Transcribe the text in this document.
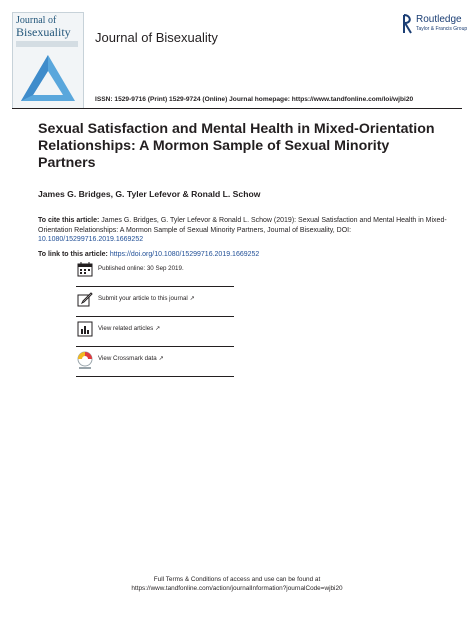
Journal of
Bisexuality Journal of Bisexuality
Routledge
Taylor & Francis Group
ISSN: 1529-9716 (Print) 1529-9724 (Online) Journal homepage: https://www.tandfonline.com/loi/wjbi20
Sexual Satisfaction and Mental Health in Mixed-Orientation Relationships: A Mormon Sample of Sexual Minority Partners
James G. Bridges, G. Tyler Lefevor & Ronald L. Schow
To cite this article: James G. Bridges, G. Tyler Lefevor & Ronald L. Schow (2019): Sexual Satisfaction and Mental Health in Mixed-Orientation Relationships: A Mormon Sample of Sexual Minority Partners, Journal of Bisexuality, DOI: 10.1080/15299716.2019.1669252
To link to this article: https://doi.org/10.1080/15299716.2019.1669252
Published online: 30 Sep 2019.
Submit your article to this journal ↗
View related articles ↗
View Crossmark data ↗
Full Terms & Conditions of access and use can be found at
https://www.tandfonline.com/action/journalInformation?journalCode=wjbi20
